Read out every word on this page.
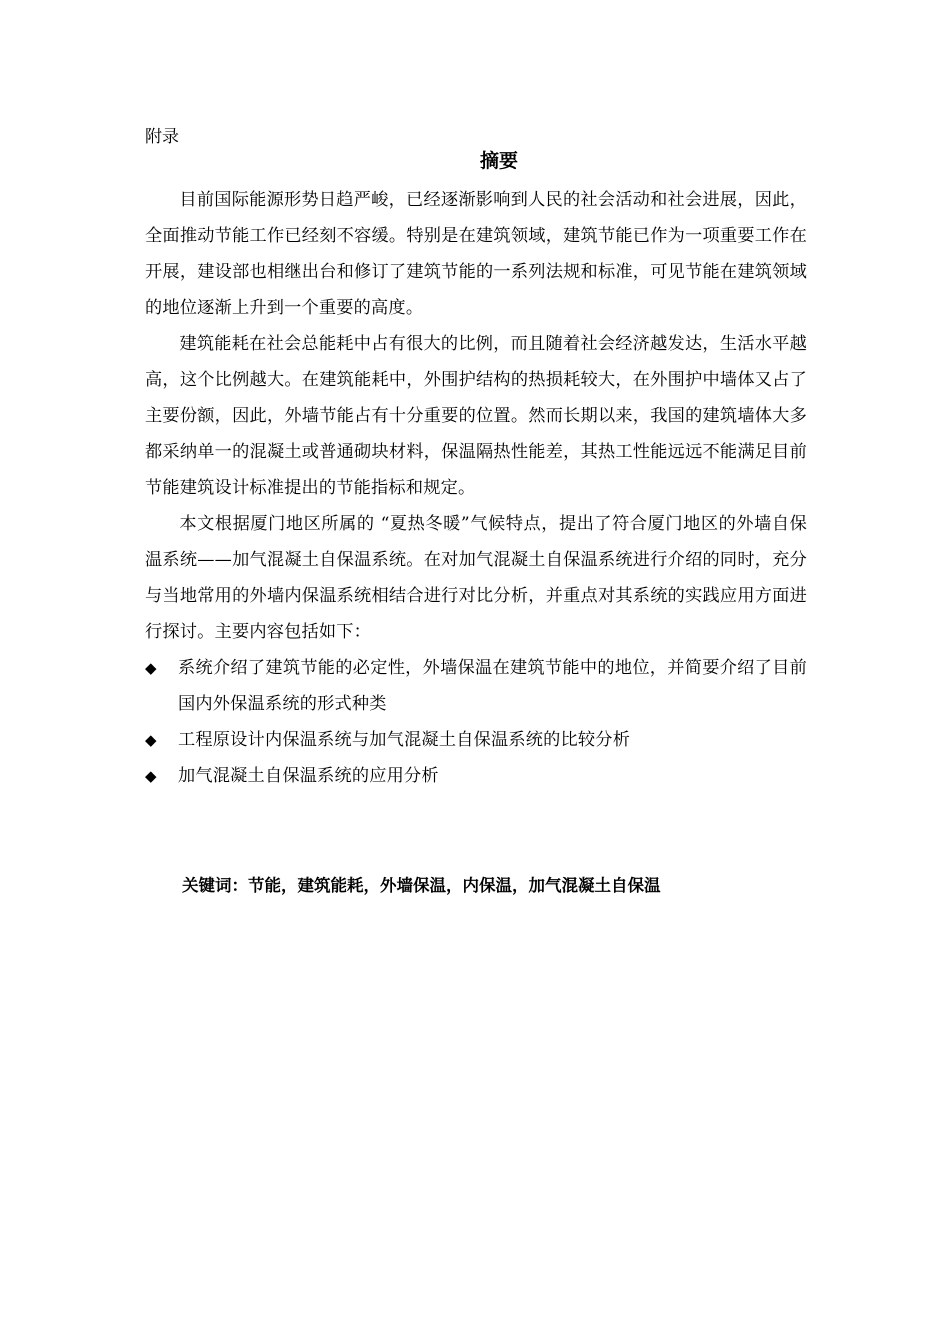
附录
摘要

目前国际能源形势日趋严峻，已经逐渐影响到人民的社会活动和社会进展，因此，全面推动节能工作已经刻不容缓。特别是在建筑领域，建筑节能已作为一项重要工作在开展，建设部也相继出台和修订了建筑节能的一系列法规和标准，可见节能在建筑领域的地位逐渐上升到一个重要的高度。

建筑能耗在社会总能耗中占有很大的比例，而且随着社会经济越发达，生活水平越高，这个比例越大。在建筑能耗中，外围护结构的热损耗较大，在外围护中墙体又占了主要份额，因此，外墙节能占有十分重要的位置。然而长期以来，我国的建筑墙体大多都采纳单一的混凝土或普通砌块材料，保温隔热性能差，其热工性能远远不能满足目前节能建筑设计标准提出的节能指标和规定。

本文根据厦门地区所属的 “夏热冬暖”气候特点，提出了符合厦门地区的外墙自保温系统——加气混凝土自保温系统。在对加气混凝土自保温系统进行介绍的同时，充分与当地常用的外墙内保温系统相结合进行对比分析，并重点对其系统的实践应用方面进行探讨。主要内容包括如下：

◆	系统介绍了建筑节能的必定性，外墙保温在建筑节能中的地位，并简要介绍了目前国内外保温系统的形式种类
◆	工程原设计内保温系统与加气混凝土自保温系统的比较分析
◆	加气混凝土自保温系统的应用分析
关键词：节能，建筑能耗，外墙保温，内保温，加气混凝土自保温
